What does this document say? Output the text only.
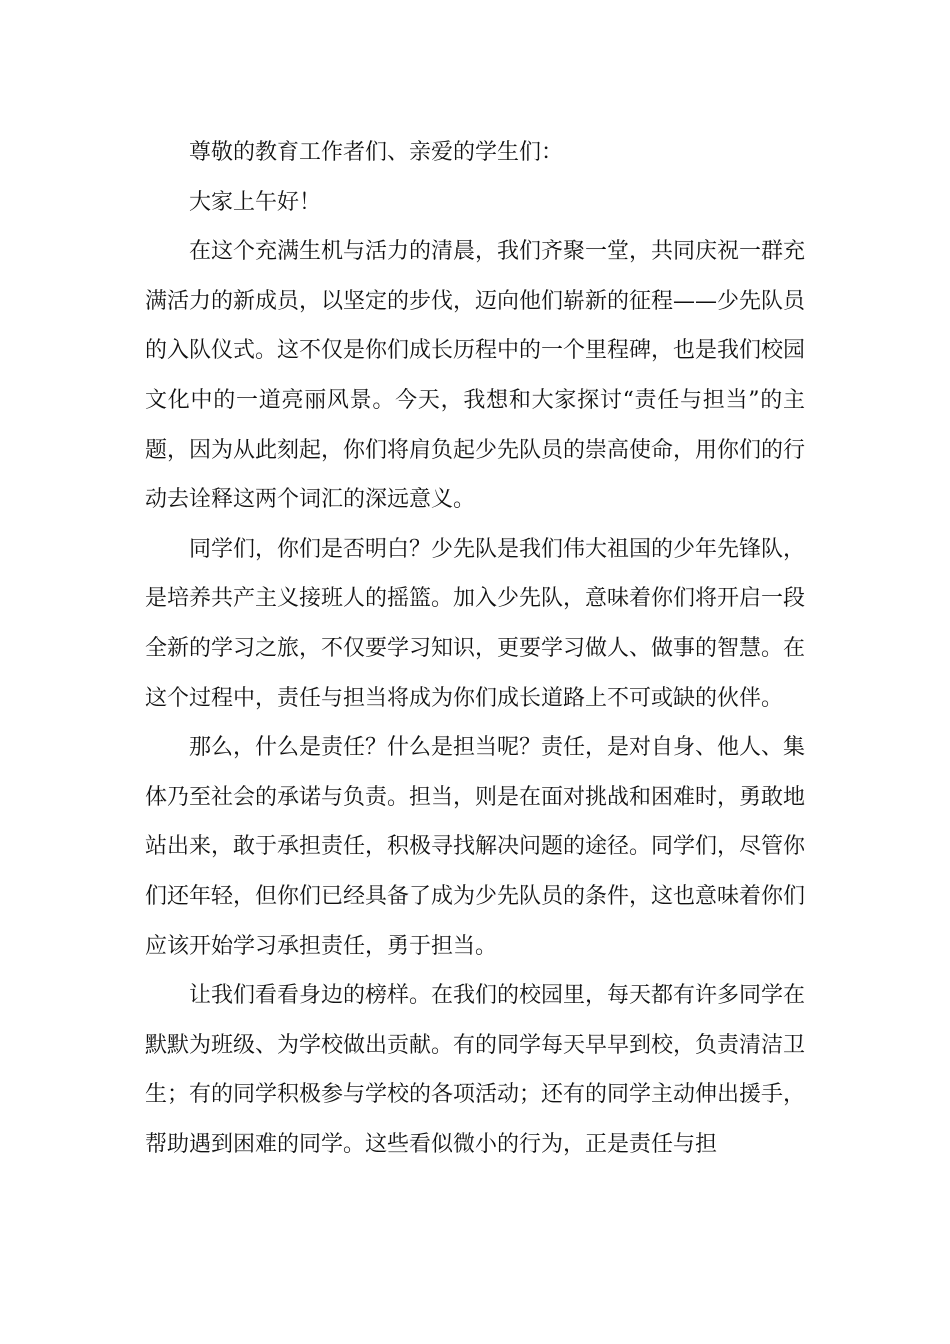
尊敬的教育工作者们、亲爱的学生们：

大家上午好！

在这个充满生机与活力的清晨，我们齐聚一堂，共同庆祝一群充满活力的新成员，以坚定的步伐，迈向他们崭新的征程——少先队员的入队仪式。这不仅是你们成长历程中的一个里程碑，也是我们校园文化中的一道亮丽风景。今天，我想和大家探讨“责任与担当”的主题，因为从此刻起，你们将肩负起少先队员的崇高使命，用你们的行动去诠释这两个词汇的深远意义。

同学们，你们是否明白？少先队是我们伟大祖国的少年先锋队，是培养共产主义接班人的摇篮。加入少先队，意味着你们将开启一段全新的学习之旅，不仅要学习知识，更要学习做人、做事的智慧。在这个过程中，责任与担当将成为你们成长道路上不可或缺的伙伴。

那么，什么是责任？什么是担当呢？责任，是对自身、他人、集体乃至社会的承诺与负责。担当，则是在面对挑战和困难时，勇敢地站出来，敢于承担责任，积极寻找解决问题的途径。同学们，尽管你们还年轻，但你们已经具备了成为少先队员的条件，这也意味着你们应该开始学习承担责任，勇于担当。

让我们看看身边的榜样。在我们的校园里，每天都有许多同学在默默为班级、为学校做出贡献。有的同学每天早早到校，负责清洁卫生；有的同学积极参与学校的各项活动；还有的同学主动伸出援手，帮助遇到困难的同学。这些看似微小的行为，正是责任与担
